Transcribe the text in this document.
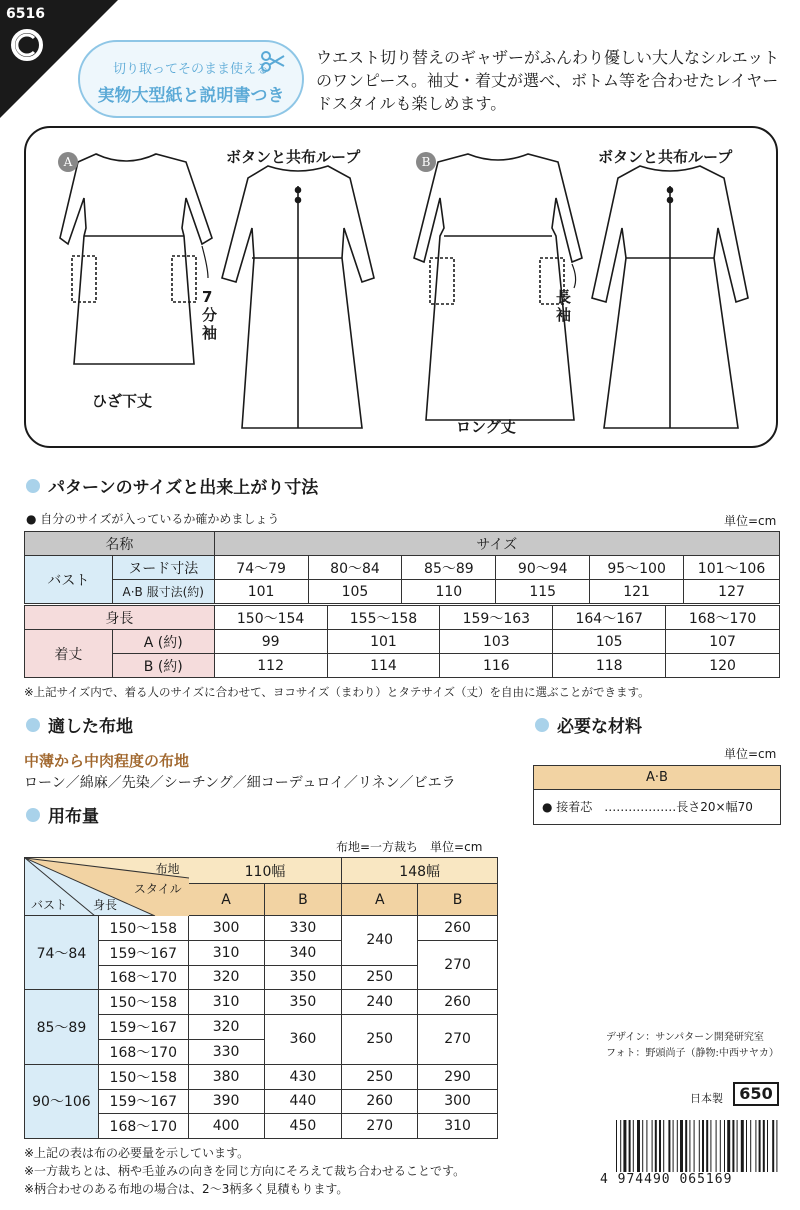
6516
切り取ってそのまま使える
実物大型紙と説明書つき
ウエスト切り替えのギャザーがふんわり優しい大人なシルエットのワンピース。袖丈・着丈が選べ、ボトム等を合わせたレイヤードスタイルも楽しめます。
A	B
ボタンと共布ループ	ボタンと共布ループ
7分袖
長袖
ひざ下丈
ロング丈
パターンのサイズと出来上がり寸法
● 自分のサイズが入っているか確かめましょう	単位=cm
名称		サイズ					
バスト	ヌード寸法	74〜79	80〜84	85〜89	90〜94	95〜100	101〜106
	A·B 服寸法(約)	101	105	110	115	121	127
身長		150〜154	155〜158	159〜163	164〜167	168〜170
着丈	A (約)	99	101	103	105	107
	B (約)	112	114	116	118	120
※上記サイズ内で、着る人のサイズに合わせて、ヨコサイズ（まわり）とタテサイズ（丈）を自由に選ぶことができます。
適した布地
中薄から中肉程度の布地
ローン／綿麻／先染／シーチング／細コーデュロイ／リネン／ビエラ
必要な材料
単位=cm
A·B
● 接着芯　………………長さ20×幅70
用布量
布地=一方裁ち　単位=cm
布地
スタイル
身長
バスト		110幅		148幅	
		A	B	A	B
74〜84	150〜158	300	330	240	260
	159〜167	310	340		270
	168〜170	320	350	250	
85〜89	150〜158	310	350	240	260
	159〜167	320	360	250	270
	168〜170	330			
90〜106	150〜158	380	430	250	290
	159〜167	390	440	260	300
	168〜170	400	450	270	310
※上記の表は布の必要量を示しています。
※一方裁ちとは、柄や毛並みの向きを同じ方向にそろえて裁ち合わせることです。
※柄合わせのある布地の場合は、2〜3柄多く見積もります。
デザイン：サンパターン開発研究室
フォト：野頭尚子（静物:中西サヤカ）
日本製	650
4 974490 065169
